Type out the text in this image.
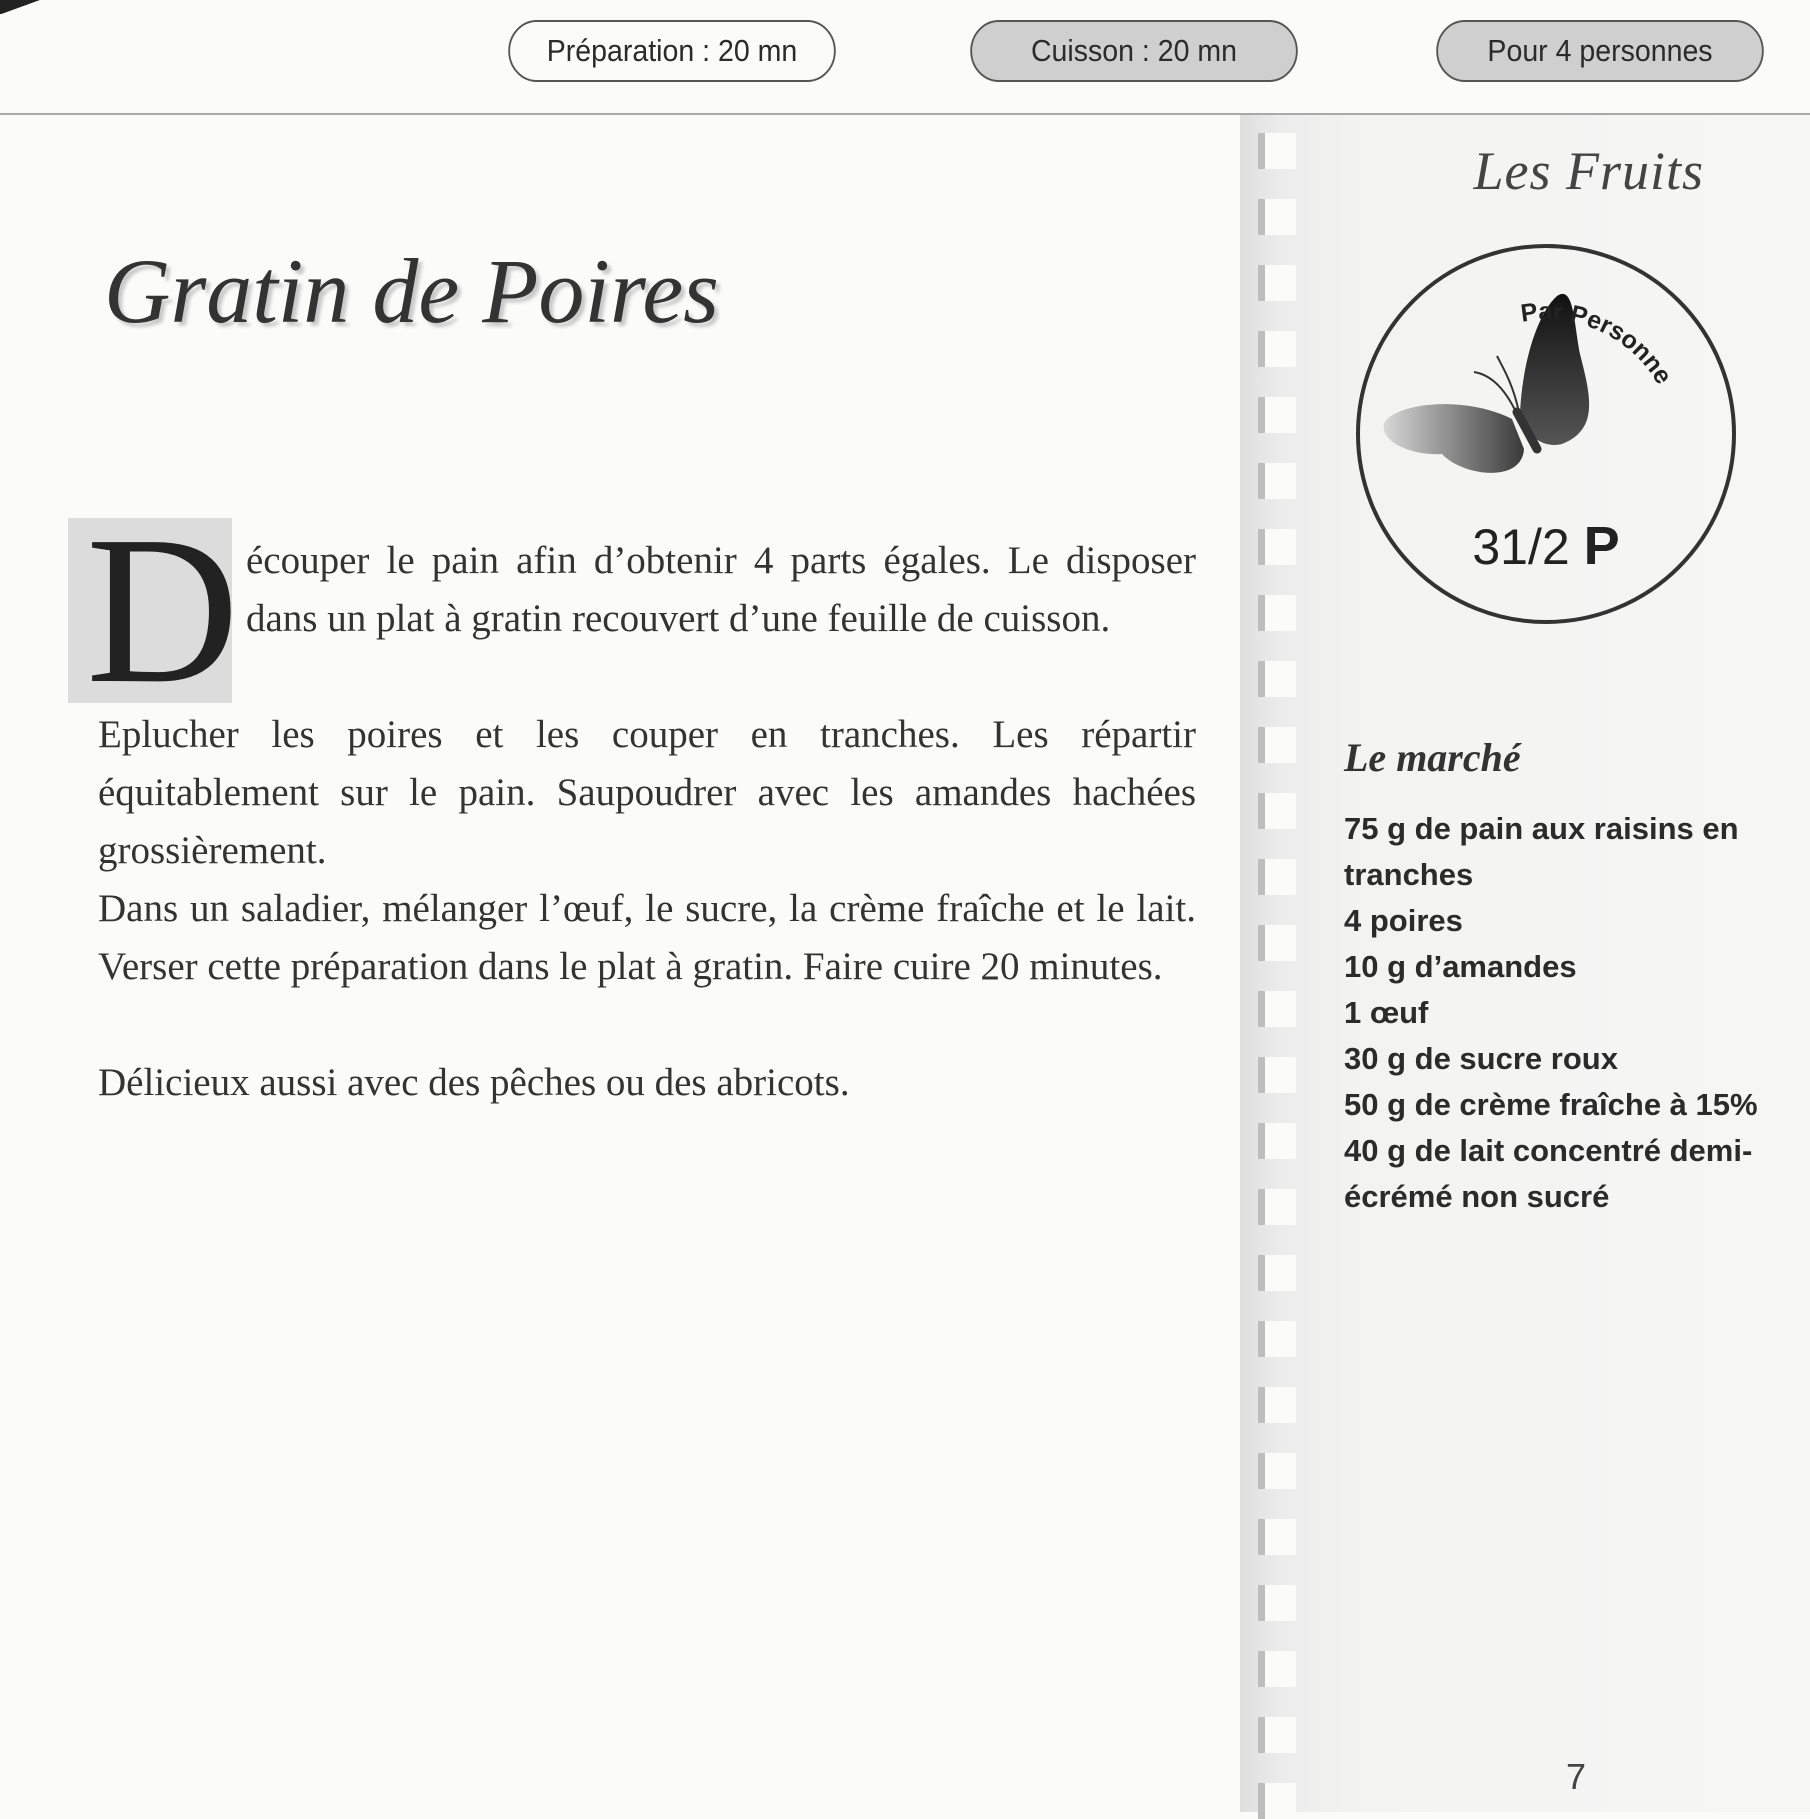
Préparation : 20 mn	Cuisson : 20 mn	Pour 4 personnes
Gratin de Poires
D écouper le pain afin d’obtenir 4 parts égales. Le disposer dans un plat à gratin recouvert d’une feuille de cuisson.

Eplucher les poires et les couper en tranches. Les répartir équitablement sur le pain. Saupoudrer avec les amandes hachées grossièrement.

Dans un saladier, mélanger l’œuf, le sucre, la crème fraîche et le lait. Verser cette préparation dans le plat à gratin. Faire cuire 20 minutes.

Délicieux aussi avec des pêches ou des abricots.

Les Fruits
Par Personne
31/2 P
Le marché
75 g de pain aux raisins en tranches
4 poires
10 g d’amandes
1 œuf
30 g de sucre roux
50 g de crème fraîche à 15%
40 g de lait concentré demi-écrémé non sucré
7
